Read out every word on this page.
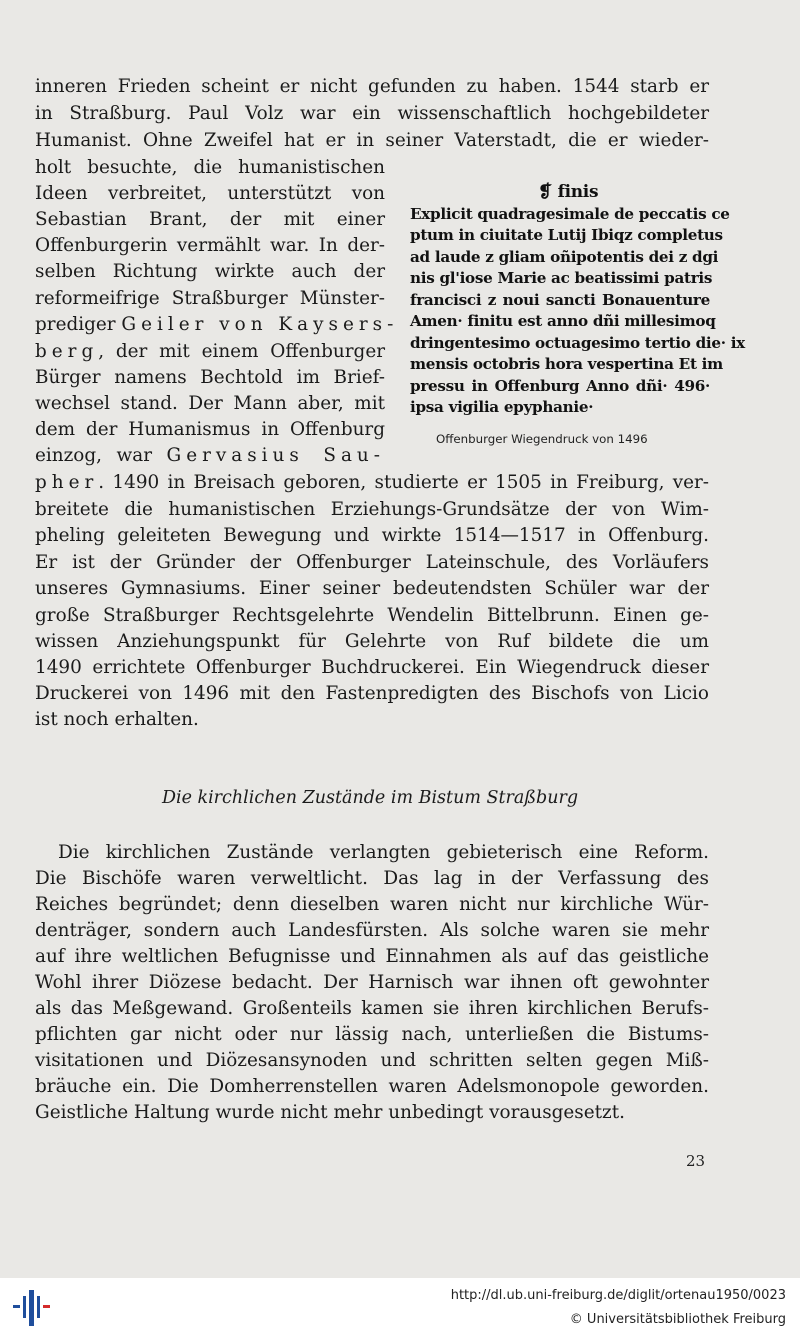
inneren Frieden scheint er nicht gefunden zu haben. 1544 starb er
in Straßburg. Paul Volz war ein wissenschaftlich hochgebildeter
Humanist. Ohne Zweifel hat er in seiner Vaterstadt, die er wieder-
holt besuchte, die humanistischen
Ideen verbreitet, unterstützt von
Sebastian Brant, der mit einer
Offenburgerin vermählt war. In der-
selben Richtung wirkte auch der
reformeifrige Straßburger Münster-
prediger Geiler von Kaysers-
berg, der mit einem Offenburger
Bürger namens Bechtold im Brief-
wechsel stand. Der Mann aber, mit
dem der Humanismus in Offenburg
einzog, war Gervasius Sau-
pher. 1490 in Breisach geboren, studierte er 1505 in Freiburg, ver-
breitete die humanistischen Erziehungs-Grundsätze der von Wim-
pheling geleiteten Bewegung und wirkte 1514—1517 in Offenburg.
Er ist der Gründer der Offenburger Lateinschule, des Vorläufers
unseres Gymnasiums. Einer seiner bedeutendsten Schüler war der
große Straßburger Rechtsgelehrte Wendelin Bittelbrunn. Einen ge-
wissen Anziehungspunkt für Gelehrte von Ruf bildete die um
1490 errichtete Offenburger Buchdruckerei. Ein Wiegendruck dieser
Druckerei von 1496 mit den Fastenpredigten des Bischofs von Licio
ist noch erhalten.
❡ finis
Explicit quadragesimale de peccatis ce
ptum in ciuitate Lutij Ibiqz completus
ad laude z gliam oñipotentis dei z dgi
nis gl'iose Marie ac beatissimi patris
francisci z noui sancti Bonauenture
Amen· finitu est anno dñi millesimoq
dringentesimo octuagesimo tertio die· ix
mensis octobris hora vespertina Et im
pressu in Offenburg Anno dñi· 496·
ipsa vigilia epyphanie·
Offenburger Wiegendruck von 1496
Die kirchlichen Zustände im Bistum Straßburg
Die kirchlichen Zustände verlangten gebieterisch eine Reform.
Die Bischöfe waren verweltlicht. Das lag in der Verfassung des
Reiches begründet; denn dieselben waren nicht nur kirchliche Wür-
denträger, sondern auch Landesfürsten. Als solche waren sie mehr
auf ihre weltlichen Befugnisse und Einnahmen als auf das geistliche
Wohl ihrer Diözese bedacht. Der Harnisch war ihnen oft gewohnter
als das Meßgewand. Großenteils kamen sie ihren kirchlichen Berufs-
pflichten gar nicht oder nur lässig nach, unterließen die Bistums-
visitationen und Diözesansynoden und schritten selten gegen Miß-
bräuche ein. Die Domherrenstellen waren Adelsmonopole geworden.
Geistliche Haltung wurde nicht mehr unbedingt vorausgesetzt.
23
http://dl.ub.uni-freiburg.de/diglit/ortenau1950/0023
© Universitätsbibliothek Freiburg
